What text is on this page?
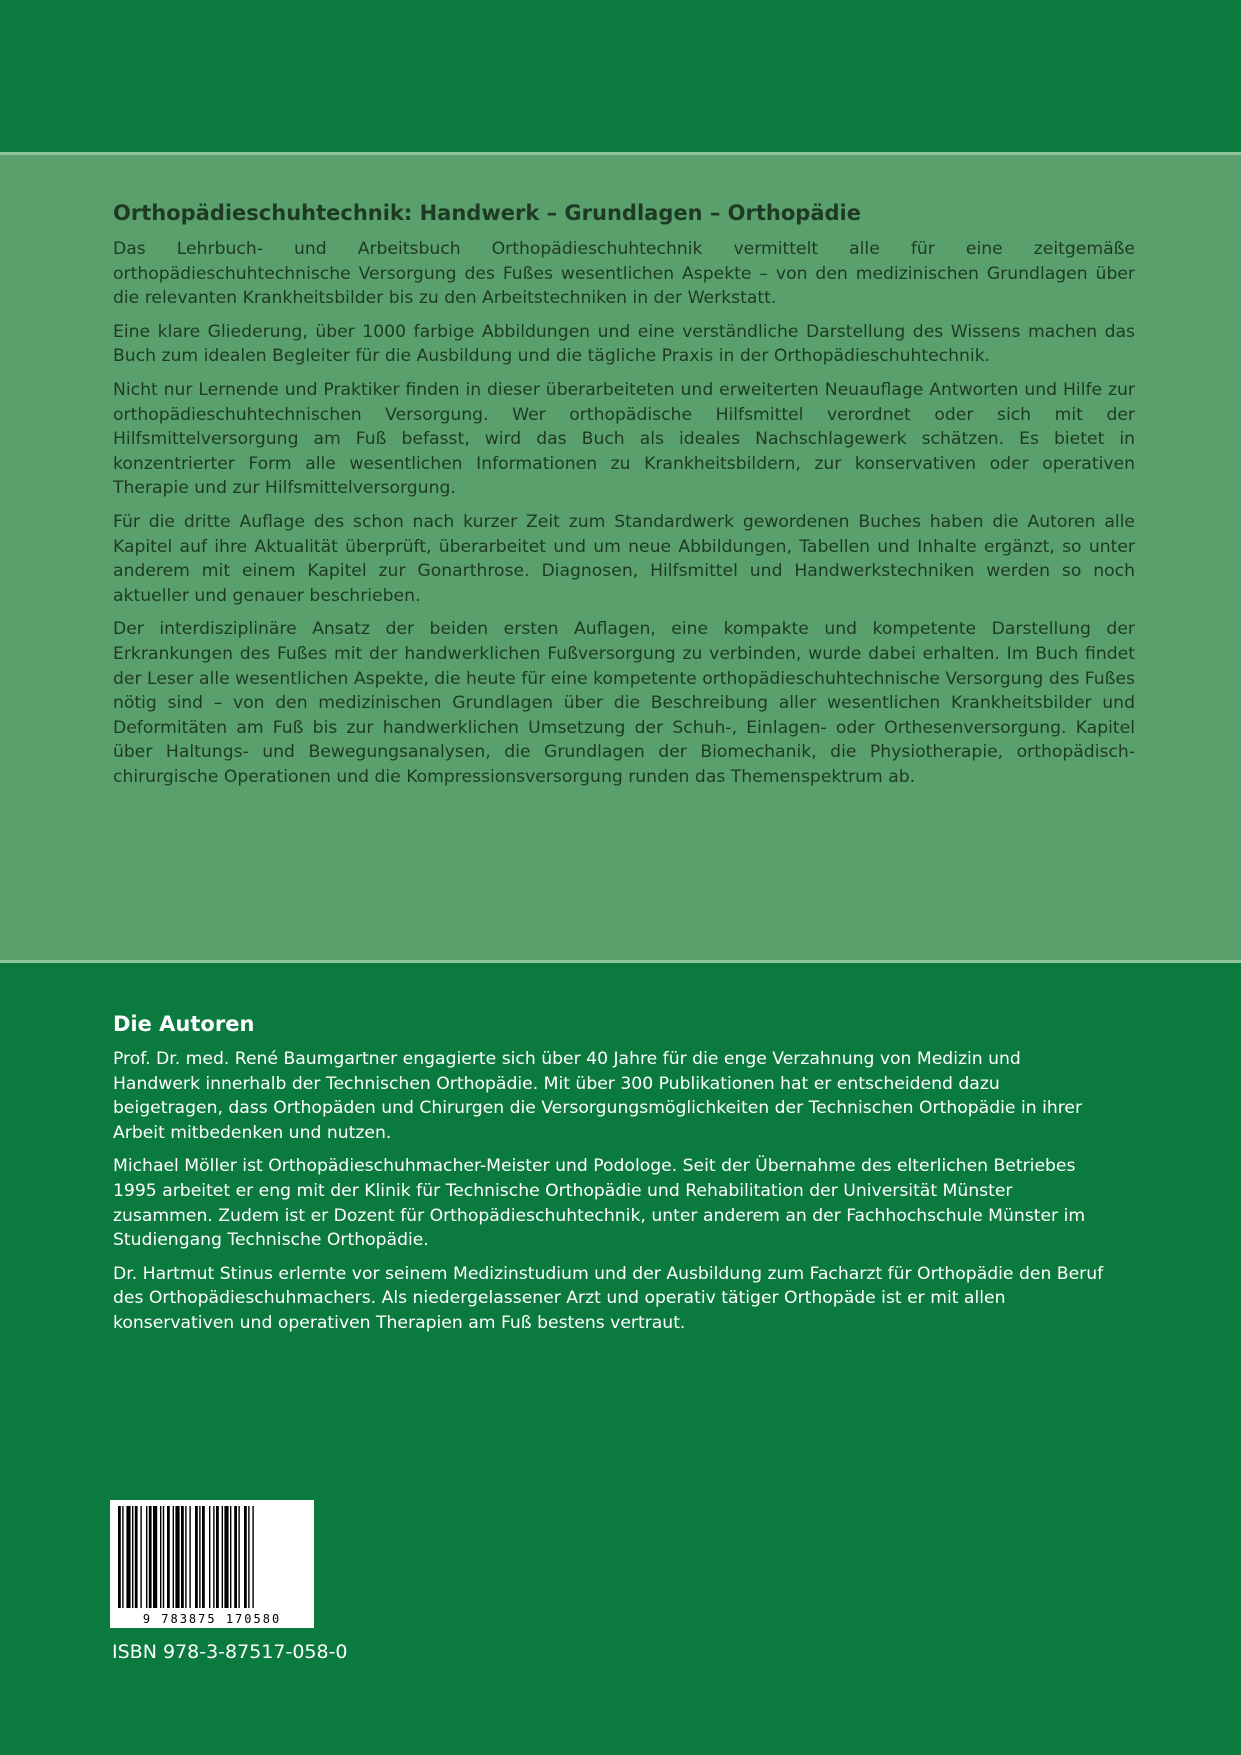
Orthopädieschuhtechnik: Handwerk – Grundlagen – Orthopädie

Das Lehrbuch- und Arbeitsbuch Orthopädieschuhtechnik vermittelt alle für eine zeitgemäße orthopädieschuhtechnische Versorgung des Fußes wesentlichen Aspekte – von den medizinischen Grundlagen über die relevanten Krankheitsbilder bis zu den Arbeitstechniken in der Werkstatt.

Eine klare Gliederung, über 1000 farbige Abbildungen und eine verständliche Darstellung des Wissens machen das Buch zum idealen Begleiter für die Ausbildung und die tägliche Praxis in der Orthopädieschuhtechnik.

Nicht nur Lernende und Praktiker finden in dieser überarbeiteten und erweiterten Neuauflage Antworten und Hilfe zur orthopädieschuhtechnischen Versorgung. Wer orthopädische Hilfsmittel verordnet oder sich mit der Hilfsmittelversorgung am Fuß befasst, wird das Buch als ideales Nachschlagewerk schätzen. Es bietet in konzentrierter Form alle wesentlichen Informationen zu Krankheitsbildern, zur konservativen oder operativen Therapie und zur Hilfsmittelversorgung.

Für die dritte Auflage des schon nach kurzer Zeit zum Standardwerk gewordenen Buches haben die Autoren alle Kapitel auf ihre Aktualität überprüft, überarbeitet und um neue Abbildungen, Tabellen und Inhalte ergänzt, so unter anderem mit einem Kapitel zur Gonarthrose. Diagnosen, Hilfsmittel und Handwerkstechniken werden so noch aktueller und genauer beschrieben.

Der interdisziplinäre Ansatz der beiden ersten Auflagen, eine kompakte und kompetente Darstellung der Erkrankungen des Fußes mit der handwerklichen Fußversorgung zu verbinden, wurde dabei erhalten. Im Buch findet der Leser alle wesentlichen Aspekte, die heute für eine kompetente orthopädieschuhtechnische Versorgung des Fußes nötig sind – von den medizinischen Grundlagen über die Beschreibung aller wesentlichen Krankheitsbilder und Deformitäten am Fuß bis zur handwerklichen Umsetzung der Schuh-, Einlagen- oder Orthesenversorgung. Kapitel über Haltungs- und Bewegungsanalysen, die Grundlagen der Biomechanik, die Physiotherapie, orthopädisch-chirurgische Operationen und die Kompressionsversorgung runden das Themenspektrum ab.

Die Autoren

Prof. Dr. med. René Baumgartner engagierte sich über 40 Jahre für die enge Verzahnung von Medizin und Handwerk innerhalb der Technischen Orthopädie. Mit über 300 Publikationen hat er entscheidend dazu beigetragen, dass Orthopäden und Chirurgen die Versorgungsmöglichkeiten der Technischen Orthopädie in ihrer Arbeit mitbedenken und nutzen.

Michael Möller ist Orthopädieschuhmacher-Meister und Podologe. Seit der Übernahme des elterlichen Betriebes 1995 arbeitet er eng mit der Klinik für Technische Orthopädie und Rehabilitation der Universität Münster zusammen. Zudem ist er Dozent für Orthopädieschuhtechnik, unter anderem an der Fachhochschule Münster im Studiengang Technische Orthopädie.

Dr. Hartmut Stinus erlernte vor seinem Medizinstudium und der Ausbildung zum Facharzt für Orthopädie den Beruf des Orthopädieschuhmachers. Als niedergelassener Arzt und operativ tätiger Orthopäde ist er mit allen konservativen und operativen Therapien am Fuß bestens vertraut.

9 783875 170580
ISBN 978-3-87517-058-0
